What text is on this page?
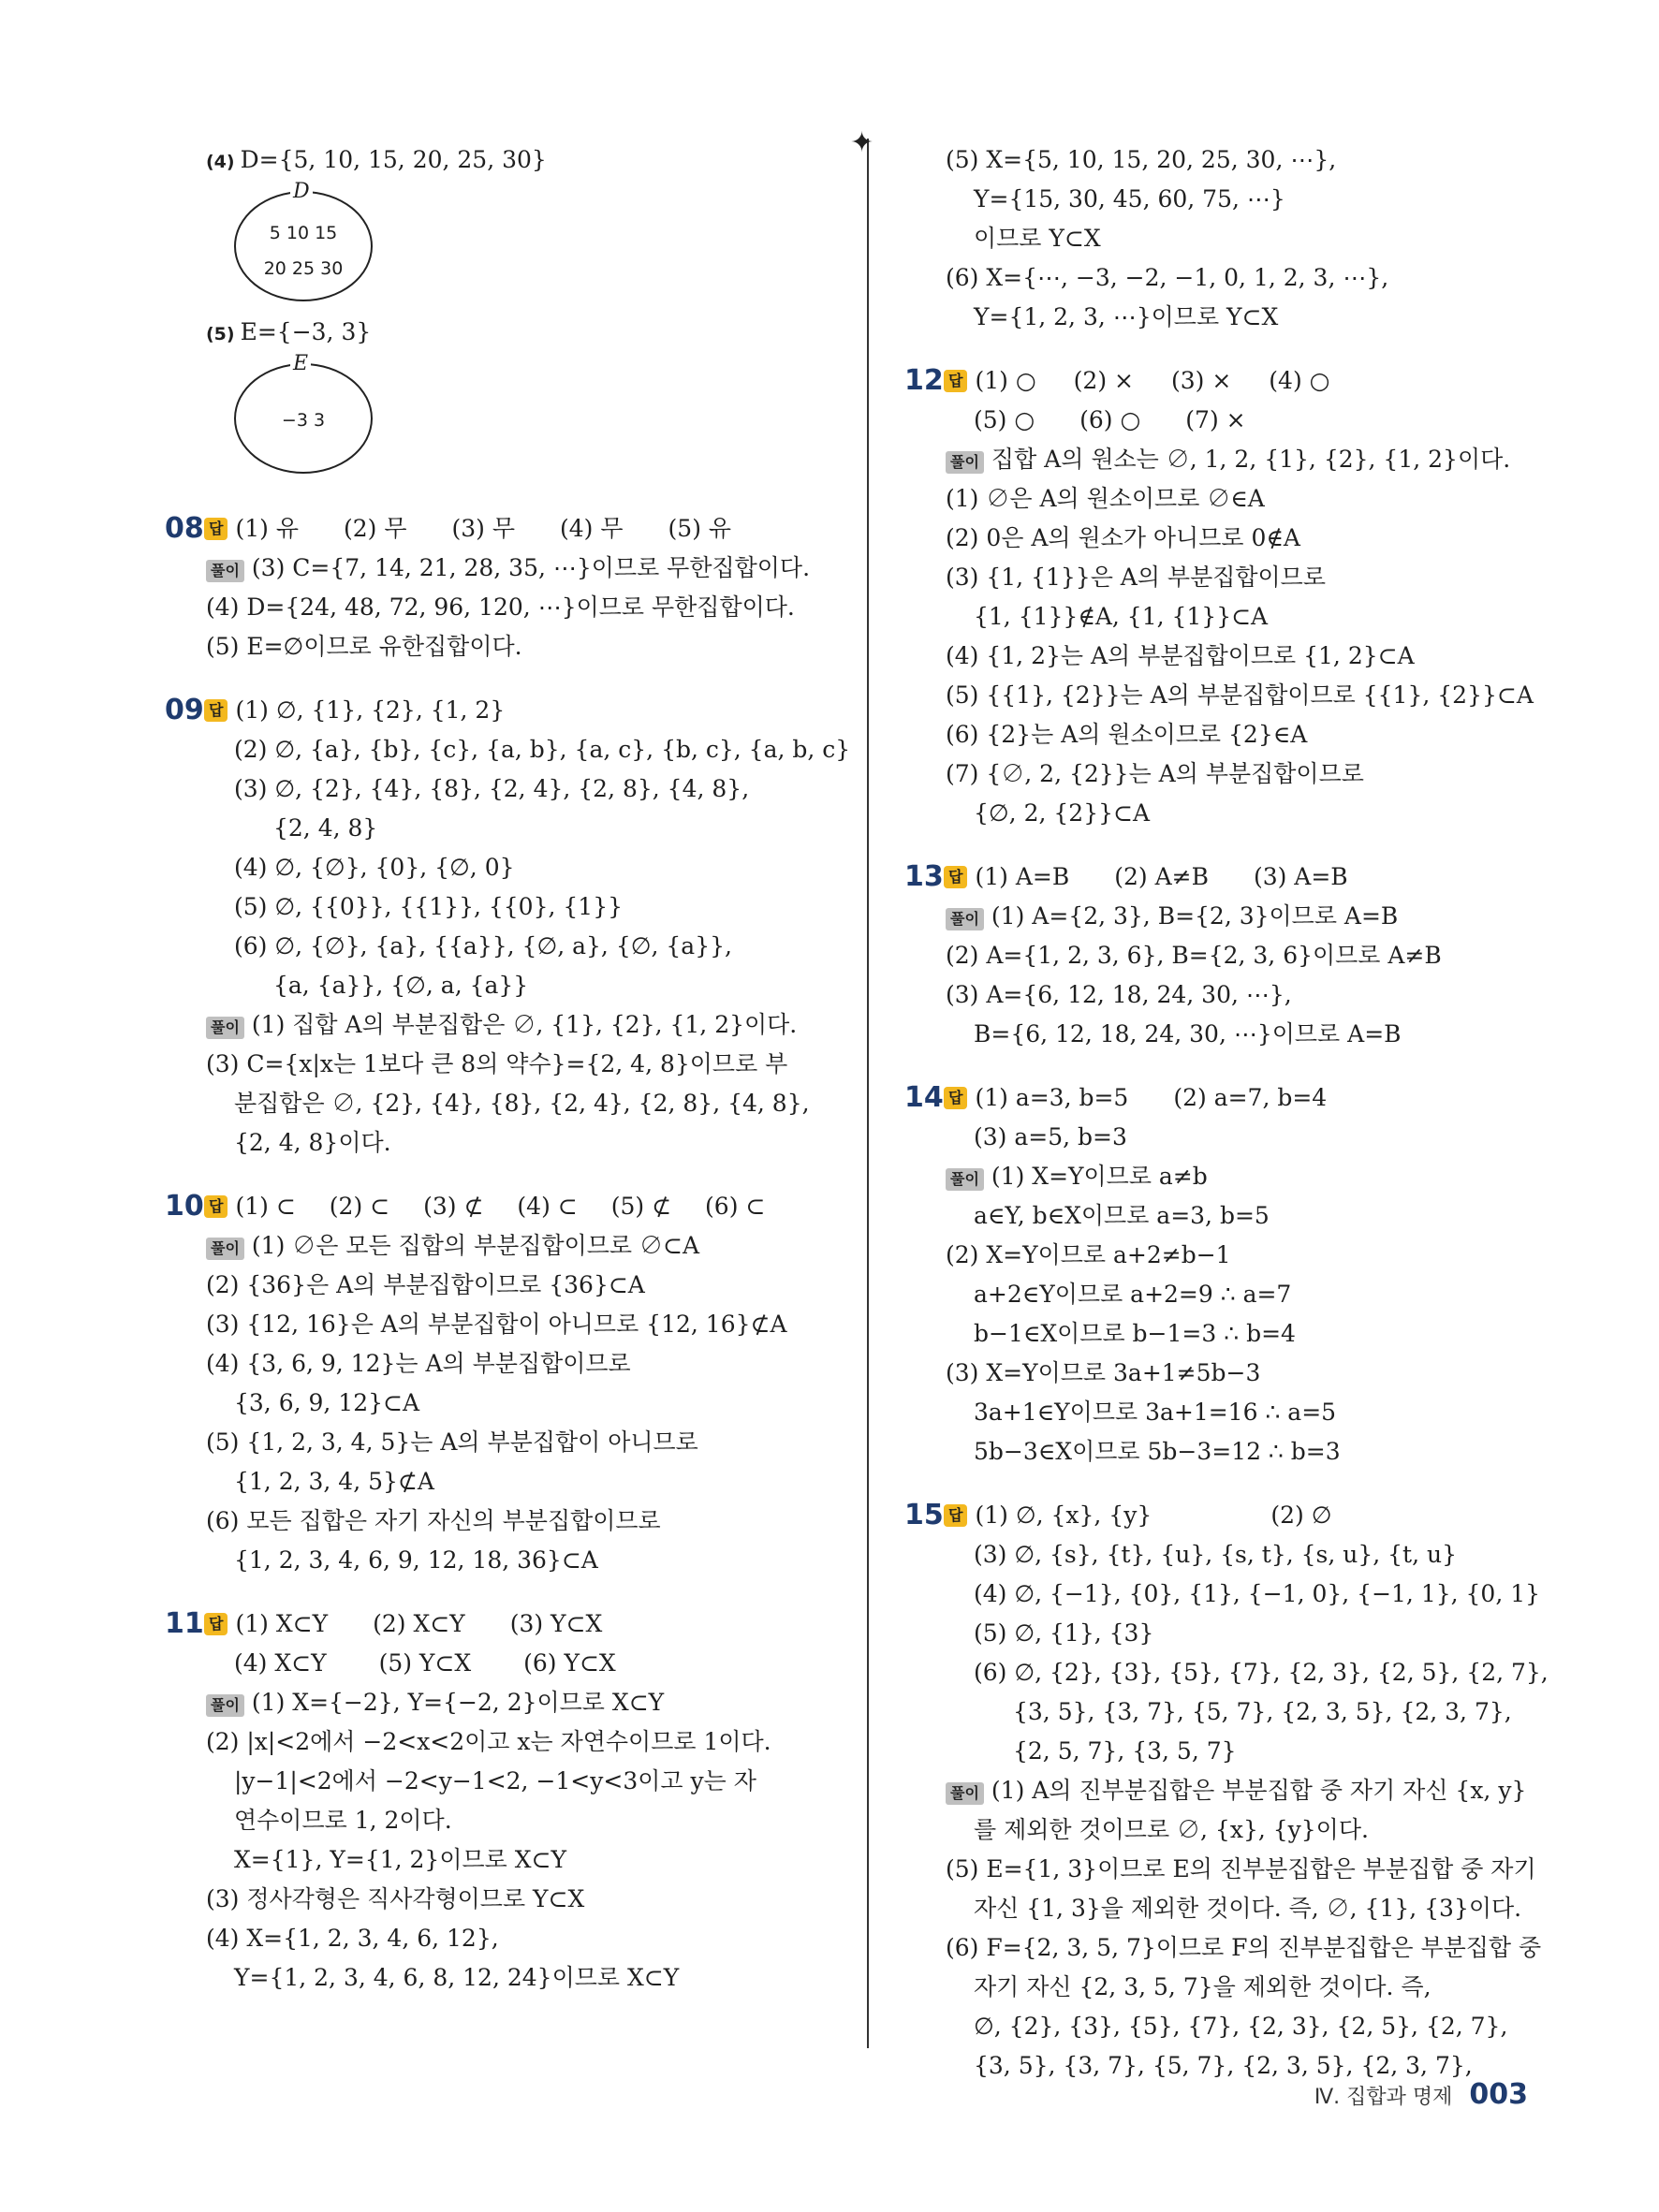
✦
(4) D={5, 10, 15, 20, 25, 30}
D
5 10 15
20 25 30
(5) E={−3, 3}
E
−3 3
08 답 (1) 유 (2) 무 (3) 무 (4) 무 (5) 유
풀이 (3) C={7, 14, 21, 28, 35, ⋯}이므로 무한집합이다.
(4) D={24, 48, 72, 96, 120, ⋯}이므로 무한집합이다.
(5) E=∅이므로 유한집합이다.
09 답 (1) ∅, {1}, {2}, {1, 2}
(2) ∅, {a}, {b}, {c}, {a, b}, {a, c}, {b, c}, {a, b, c}
(3) ∅, {2}, {4}, {8}, {2, 4}, {2, 8}, {4, 8},
{2, 4, 8}
(4) ∅, {∅}, {0}, {∅, 0}
(5) ∅, {{0}}, {{1}}, {{0}, {1}}
(6) ∅, {∅}, {a}, {{a}}, {∅, a}, {∅, {a}},
{a, {a}}, {∅, a, {a}}
풀이 (1) 집합 A의 부분집합은 ∅, {1}, {2}, {1, 2}이다.
(3) C={x|x는 1보다 큰 8의 약수}={2, 4, 8}이므로 부
분집합은 ∅, {2}, {4}, {8}, {2, 4}, {2, 8}, {4, 8},
{2, 4, 8}이다.
10 답 (1) ⊂ (2) ⊂ (3) ⊄ (4) ⊂ (5) ⊄ (6) ⊂
풀이 (1) ∅은 모든 집합의 부분집합이므로 ∅⊂A
(2) {36}은 A의 부분집합이므로 {36}⊂A
(3) {12, 16}은 A의 부분집합이 아니므로 {12, 16}⊄A
(4) {3, 6, 9, 12}는 A의 부분집합이므로
{3, 6, 9, 12}⊂A
(5) {1, 2, 3, 4, 5}는 A의 부분집합이 아니므로
{1, 2, 3, 4, 5}⊄A
(6) 모든 집합은 자기 자신의 부분집합이므로
{1, 2, 3, 4, 6, 9, 12, 18, 36}⊂A
11 답 (1) X⊂Y (2) X⊂Y (3) Y⊂X
(4) X⊂Y (5) Y⊂X (6) Y⊂X
풀이 (1) X={−2}, Y={−2, 2}이므로 X⊂Y
(2) |x|<2에서 −2<x<2이고 x는 자연수이므로 1이다.
|y−1|<2에서 −2<y−1<2, −1<y<3이고 y는 자
연수이므로 1, 2이다.
X={1}, Y={1, 2}이므로 X⊂Y
(3) 정사각형은 직사각형이므로 Y⊂X
(4) X={1, 2, 3, 4, 6, 12},
Y={1, 2, 3, 4, 6, 8, 12, 24}이므로 X⊂Y
(5) X={5, 10, 15, 20, 25, 30, ⋯},
Y={15, 30, 45, 60, 75, ⋯}
이므로 Y⊂X
(6) X={⋯, −3, −2, −1, 0, 1, 2, 3, ⋯},
Y={1, 2, 3, ⋯}이므로 Y⊂X
12 답 (1) ○ (2) × (3) × (4) ○
(5) ○ (6) ○ (7) ×
풀이 집합 A의 원소는 ∅, 1, 2, {1}, {2}, {1, 2}이다.
(1) ∅은 A의 원소이므로 ∅∈A
(2) 0은 A의 원소가 아니므로 0∉A
(3) {1, {1}}은 A의 부분집합이므로
{1, {1}}∉A, {1, {1}}⊂A
(4) {1, 2}는 A의 부분집합이므로 {1, 2}⊂A
(5) {{1}, {2}}는 A의 부분집합이므로 {{1}, {2}}⊂A
(6) {2}는 A의 원소이므로 {2}∈A
(7) {∅, 2, {2}}는 A의 부분집합이므로
{∅, 2, {2}}⊂A
13 답 (1) A=B (2) A≠B (3) A=B
풀이 (1) A={2, 3}, B={2, 3}이므로 A=B
(2) A={1, 2, 3, 6}, B={2, 3, 6}이므로 A≠B
(3) A={6, 12, 18, 24, 30, ⋯},
B={6, 12, 18, 24, 30, ⋯}이므로 A=B
14 답 (1) a=3, b=5 (2) a=7, b=4
(3) a=5, b=3
풀이 (1) X=Y이므로 a≠b
a∈Y, b∈X이므로 a=3, b=5
(2) X=Y이므로 a+2≠b−1
a+2∈Y이므로 a+2=9 ∴ a=7
b−1∈X이므로 b−1=3 ∴ b=4
(3) X=Y이므로 3a+1≠5b−3
3a+1∈Y이므로 3a+1=16 ∴ a=5
5b−3∈X이므로 5b−3=12 ∴ b=3
15 답 (1) ∅, {x}, {y}                (2) ∅
(3) ∅, {s}, {t}, {u}, {s, t}, {s, u}, {t, u}
(4) ∅, {−1}, {0}, {1}, {−1, 0}, {−1, 1}, {0, 1}
(5) ∅, {1}, {3}
(6) ∅, {2}, {3}, {5}, {7}, {2, 3}, {2, 5}, {2, 7},
{3, 5}, {3, 7}, {5, 7}, {2, 3, 5}, {2, 3, 7},
{2, 5, 7}, {3, 5, 7}
풀이 (1) A의 진부분집합은 부분집합 중 자기 자신 {x, y}
를 제외한 것이므로 ∅, {x}, {y}이다.
(5) E={1, 3}이므로 E의 진부분집합은 부분집합 중 자기
자신 {1, 3}을 제외한 것이다. 즉, ∅, {1}, {3}이다.
(6) F={2, 3, 5, 7}이므로 F의 진부분집합은 부분집합 중
자기 자신 {2, 3, 5, 7}을 제외한 것이다. 즉,
∅, {2}, {3}, {5}, {7}, {2, 3}, {2, 5}, {2, 7},
{3, 5}, {3, 7}, {5, 7}, {2, 3, 5}, {2, 3, 7},
Ⅳ. 집합과 명제 003
